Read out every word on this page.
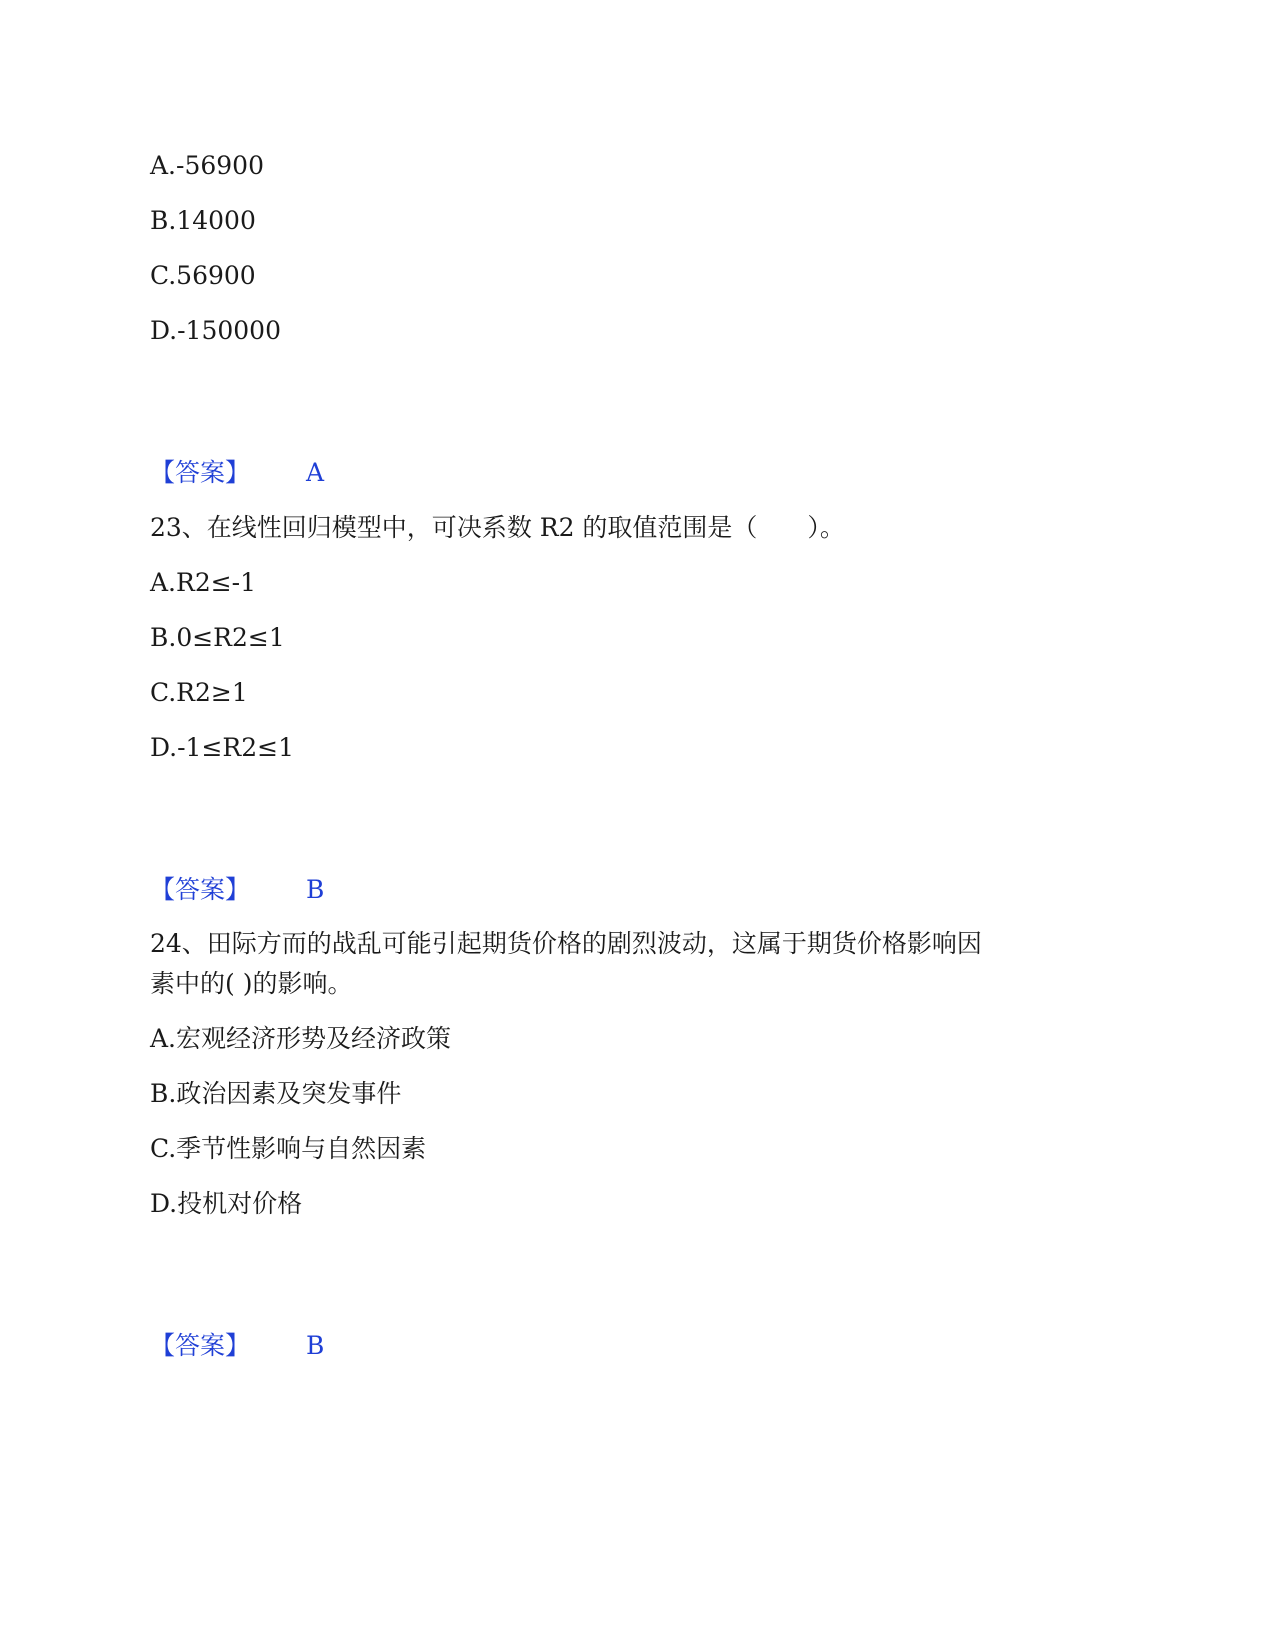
A.-56900
B.14000
C.56900
D.-150000
【答案】 A
23、在线性回归模型中，可决系数 R2 的取值范围是（　　）。
A.R2≤-1
B.0≤R2≤1
C.R2≥1
D.-1≤R2≤1
【答案】 B
24、田际方而的战乱可能引起期货价格的剧烈波动，这属于期货价格影响因
素中的( )的影响。
A.宏观经济形势及经济政策
B.政治因素及突发事件
C.季节性影响与自然因素
D.投机对价格
【答案】 B
